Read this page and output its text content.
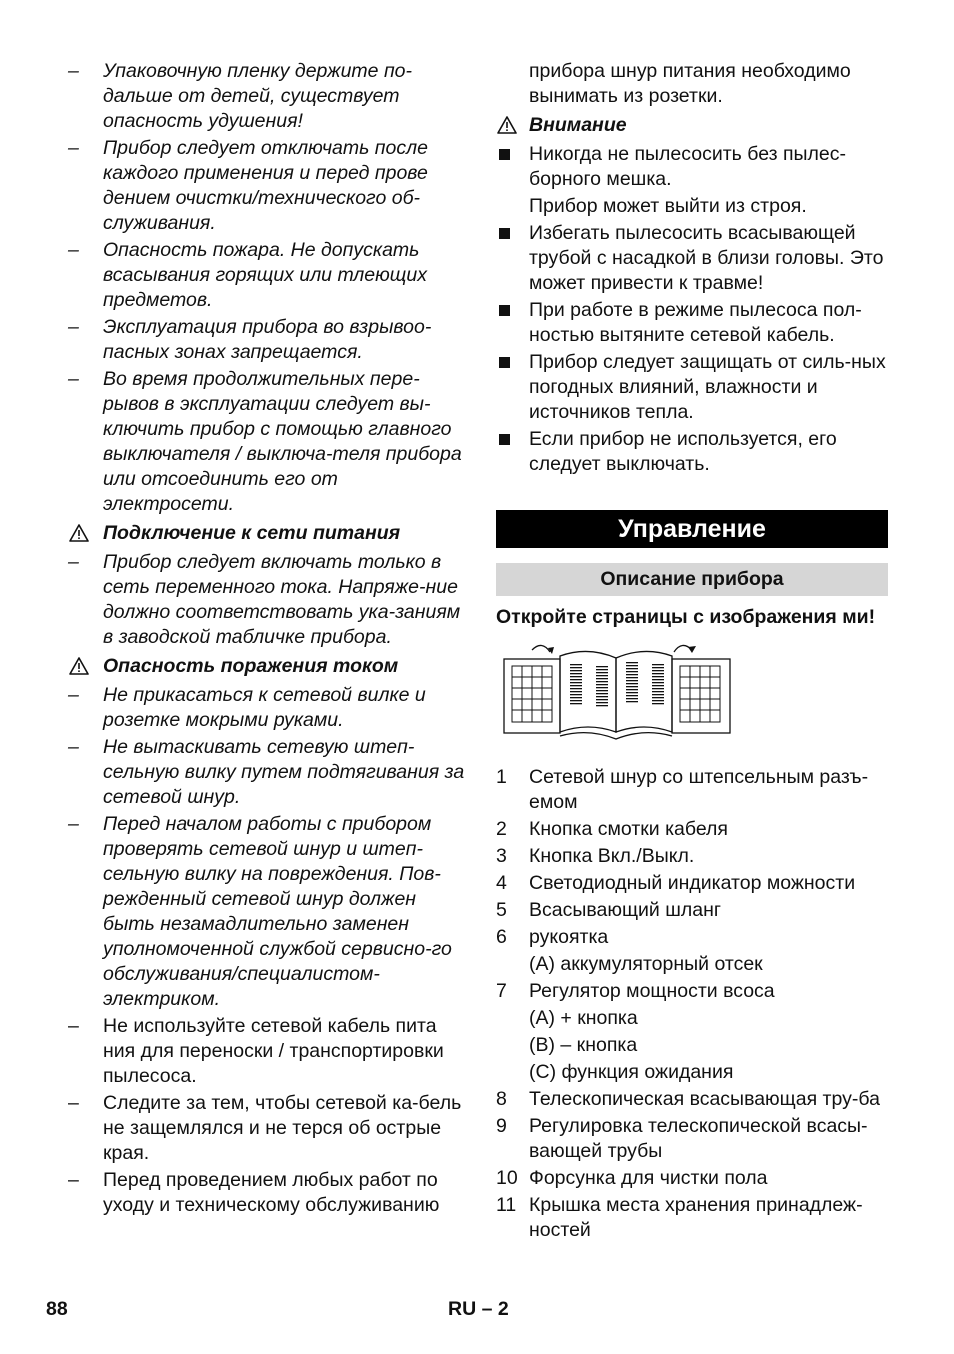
– Упаковочную пленку держите по-дальше от детей, существует опасность удушения!
– Прибор следует отключать после каждого применения и перед прове дением очистки/технического об-служивания.
– Опасность пожара. Не допускать всасывания горящих или тлеющих предметов.
– Эксплуатация прибора во взрывоо-пасных зонах запрещается.
– Во время продолжительных пере-рывов в эксплуатации следует вы-ключить прибор с помощью главного выключателя / выключа-теля прибора или отсоединить его от электросети.
Подключение к сети питания
– Прибор следует включать только в сеть переменного тока. Напряже-ние должно соответствовать ука-заниям в заводской табличке прибора.
Опасность поражения током
– Не прикасаться к сетевой вилке и розетке мокрыми руками.
– Не вытаскивать сетевую штеп-сельную вилку путем подтягивания за сетевой шнур.
– Перед началом работы с прибором проверять сетевой шнур и штеп-сельную вилку на повреждения. Пов-режденный сетевой шнур должен быть незамадлительно заменен уполномоченной службой сервисно-го обслуживания/специалистом-электриком.
– Не используйте сетевой кабель пита ния для переноски / транспортировки пылесоса.
– Следите за тем, чтобы сетевой ка-бель не защемлялся и не терся об острые края.
– Перед проведением любых работ по уходу и техническому обслуживанию
прибора шнур питания необходимо вынимать из розетки.
Внимание
Никогда не пылесосить без пылес-борного мешка.
Прибор может выйти из строя.
Избегать пылесосить всасывающей трубой с насадкой в близи головы. Это может привести к травме!
При работе в режиме пылесоса пол-ностью вытяните сетевой кабель.
Прибор следует защищать от силь-ных погодных влияний, влажности и источников тепла.
Если прибор не используется, его следует выключать.
Управление
Описание прибора
Откройте страницы с изображения ми!
1 Сетевой шнур со штепсельным разъ-емом
2 Кнопка смотки кабеля
3 Кнопка Вкл./Выкл.
4 Светодиодный индикатор можности
5 Всасывающий шланг
6 рукоятка
(A) аккумуляторный отсек
7 Регулятор мощности всоса
(A) + кнопка
(B) – кнопка
(C) функция ожидания
8 Телескопическая всасывающая тру-ба
9 Регулировка телескопической всасы-вающей трубы
10 Форсунка для чистки пола
11 Крышка места хранения принадлеж-ностей
88	RU – 2
